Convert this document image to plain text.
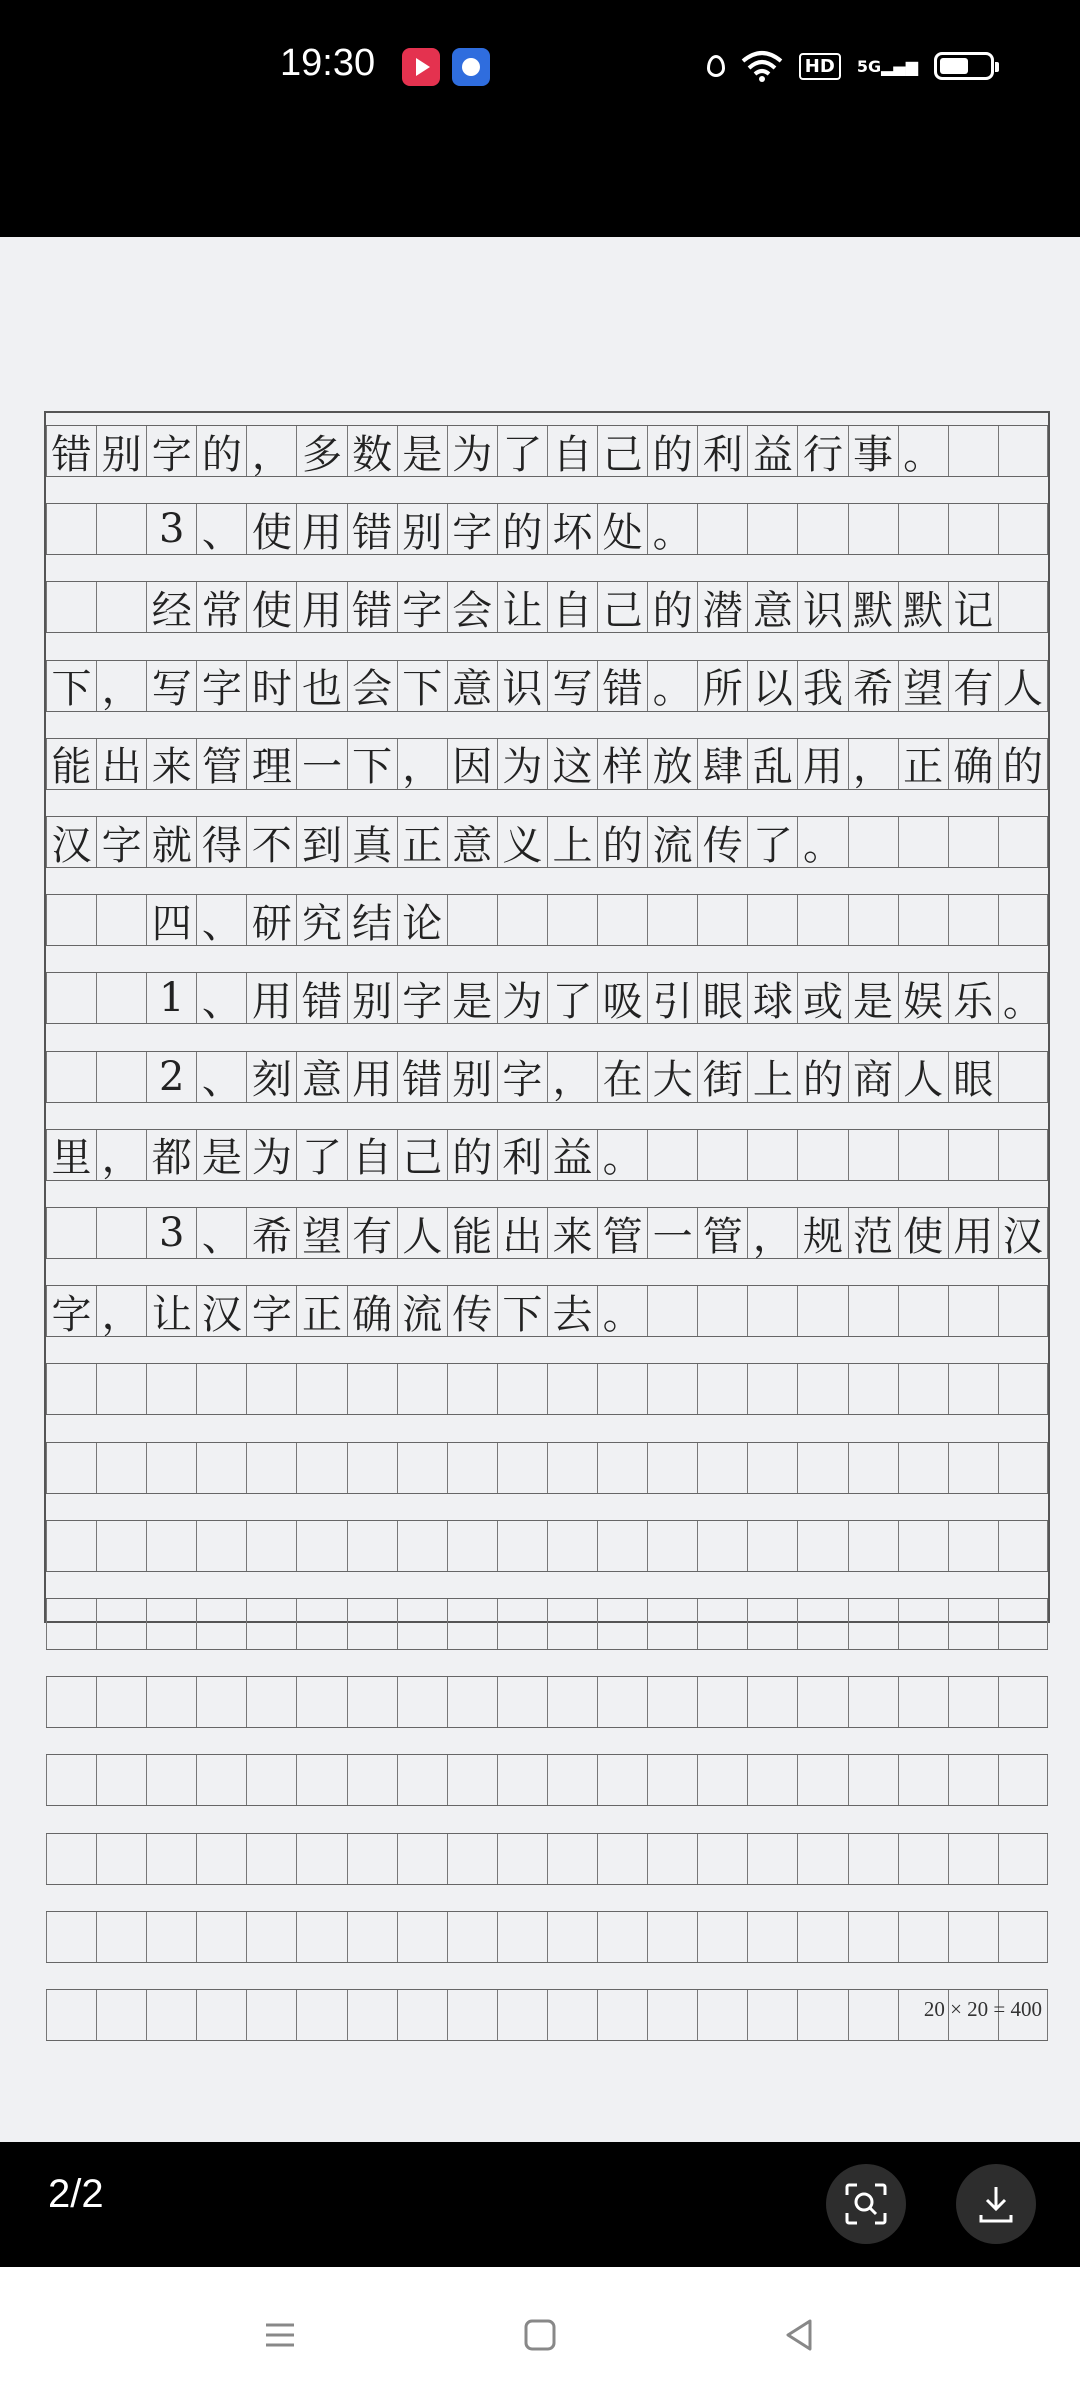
19:30	HD	5G▂▄▆
错 别 字 的 ， 多 数 是 为 了 自 己 的 利 益 行 事 。
3 、 使 用 错 别 字 的 坏 处 。
经 常 使 用 错 字 会 让 自 己 的 潜 意 识 默 默 记
下 ， 写 字 时 也 会 下 意 识 写 错 。 所 以 我 希 望 有 人
能 出 来 管 理 一 下 ， 因 为 这 样 放 肆 乱 用 ， 正 确 的
汉 字 就 得 不 到 真 正 意 义 上 的 流 传 了 。
四 、 研 究 结 论
1 、 用 错 别 字 是 为 了 吸 引 眼 球 或 是 娱 乐 。
2 、 刻 意 用 错 别 字 ， 在 大 街 上 的 商 人 眼
里 ， 都 是 为 了 自 己 的 利 益 。
3 、 希 望 有 人 能 出 来 管 一 管 ， 规 范 使 用 汉
字 ， 让 汉 字 正 确 流 传 下 去 。
20 × 20 = 400
2/2
